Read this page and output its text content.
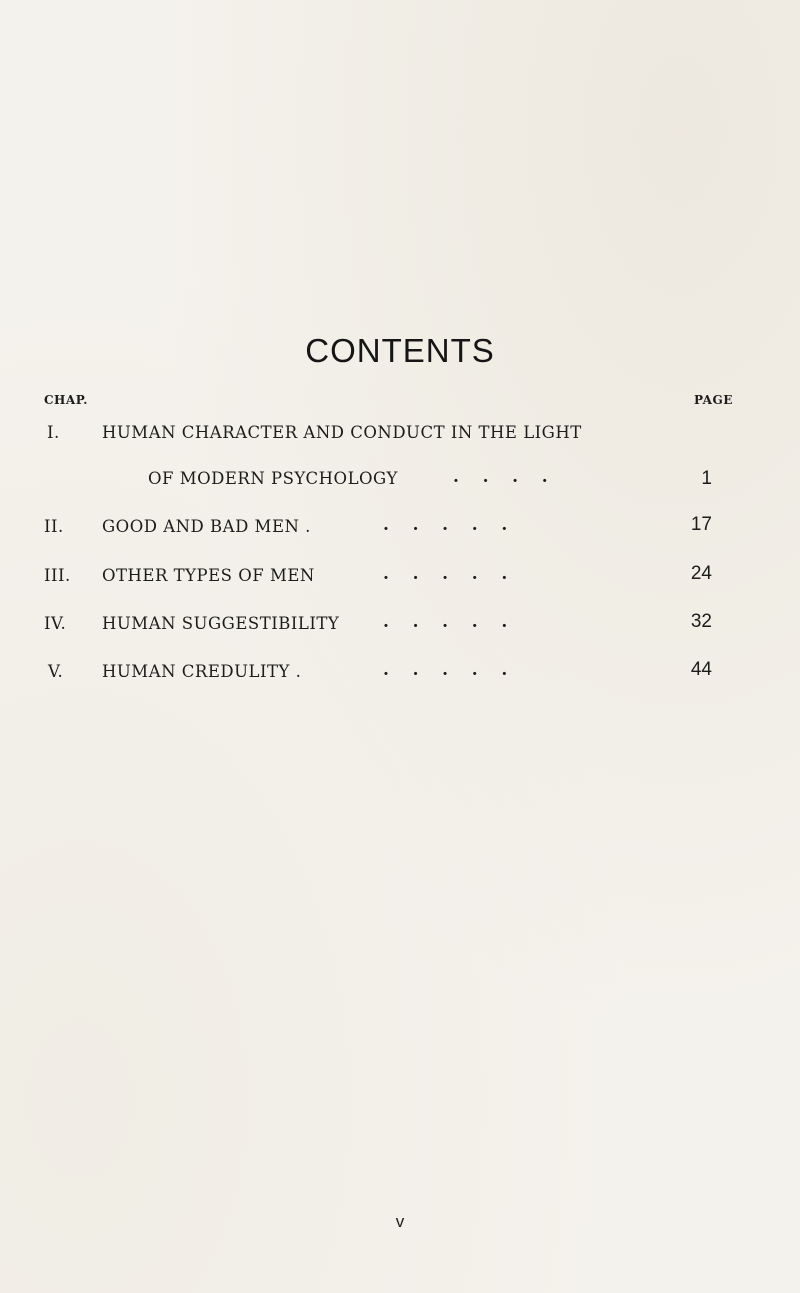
CONTENTS
CHAP.	PAGE
I.	HUMAN CHARACTER AND CONDUCT IN THE LIGHT
OF MODERN PSYCHOLOGY	.    .    .    .	1
II.	GOOD AND BAD MEN .	.    .    .    .    .	17
III.	OTHER TYPES OF MEN	.    .    .    .    .	24
IV.	HUMAN SUGGESTIBILITY	.    .    .    .    .	32
V.	HUMAN CREDULITY .	.    .    .    .    .	44
v
